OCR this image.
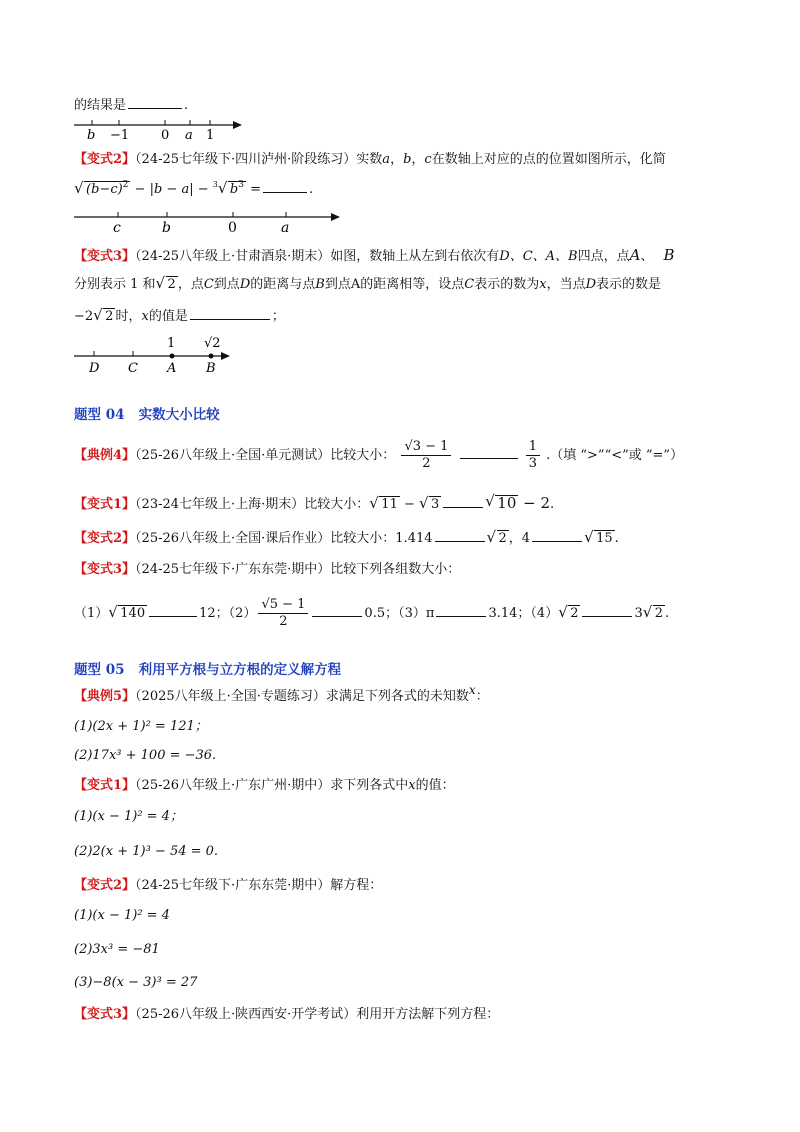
的结果是	.
b −1 0 a 1
【变式2】（24-25七年级下·四川泸州·阶段练习）实数a，b，c在数轴上对应的点的位置如图所示，化简
√ $(b-c)^2 - |b - a| - ^3√$ $b^3$ =	.
c	b	0	a
【变式3】（24-25八年级上·甘肃酒泉·期末）如图，数轴上从左到右依次有D、C、A、B四点，点A、 B
分别表示 1 和√ 2 ，点C到点D的距离与点B到点A的距离相等，设点C表示的数为x，当点D表示的数是
−2√ 2 时，x的值是	；
1 √2
D C A B
题型 04 实数大小比较
【典例4】（25-26八年级上·全国·单元测试）比较大小： $\frac{√3 - 1}{2}$
	$\frac{1}{3}$ .（填 “>”“<”或 “=”）
【变式1】（23-24七年级上·上海·期末）比较大小：√ 11 − √ 3√	10 − 2.
【变式2】（25-26八年级上·全国·课后作业）比较大小：1.414√	2 ，4√	15 .
【变式3】（24-25七年级下·广东东莞·期中）比较下列各组数大小：
（1）√ 140	12；$(2) \frac{√5 - 1}{2}$	0.5；（3）π	3.14；（4）√ 2	3√ 2 .
题型 05 利用平方根与立方根的定义解方程
【典例5】（2025八年级上·全国·专题练习）求满足下列各式的未知数$^x$：
(1)(2x + 1)² = 121；
(2)17x³ + 100 = −36.
【变式1】（25-26八年级上·广东广州·期中）求下列各式中x的值：
(1)(x − 1)² = 4；
(2)2(x + 1)³ − 54 = 0.
【变式2】（24-25七年级下·广东东莞·期中）解方程：
(1)(x − 1)² = 4
(2)3x³ = −81
(3)−8(x − 3)³ = 27
【变式3】（25-26八年级上·陕西西安·开学考试）利用开方法解下列方程：
